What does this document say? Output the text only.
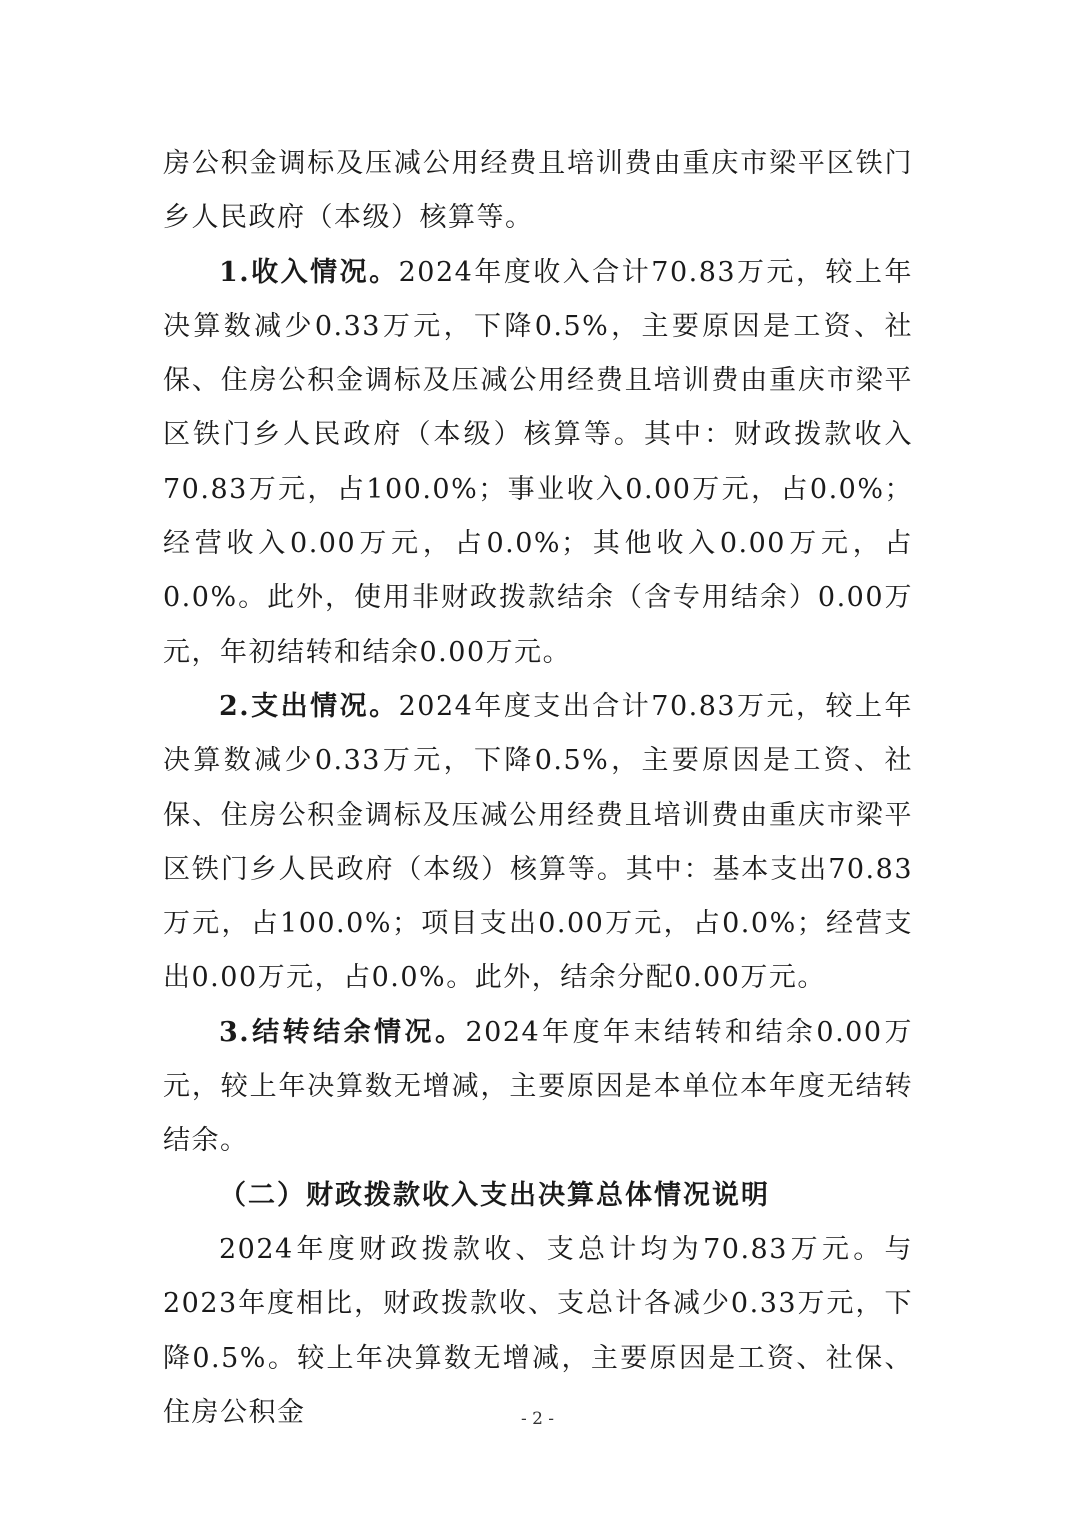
房公积金调标及压减公用经费且培训费由重庆市梁平区铁门乡人民政府（本级）核算等。

1.收入情况。2024年度收入合计70.83万元，较上年决算数减少0.33万元，下降0.5%，主要原因是工资、社保、住房公积金调标及压减公用经费且培训费由重庆市梁平区铁门乡人民政府（本级）核算等。其中：财政拨款收入70.83万元，占100.0%；事业收入0.00万元，占0.0%；经营收入0.00万元，占0.0%；其他收入0.00万元，占0.0%。此外，使用非财政拨款结余（含专用结余）0.00万元，年初结转和结余0.00万元。

2.支出情况。2024年度支出合计70.83万元，较上年决算数减少0.33万元，下降0.5%，主要原因是工资、社保、住房公积金调标及压减公用经费且培训费由重庆市梁平区铁门乡人民政府（本级）核算等。其中：基本支出70.83万元，占100.0%；项目支出0.00万元，占0.0%；经营支出0.00万元，占0.0%。此外，结余分配0.00万元。

3.结转结余情况。2024年度年末结转和结余0.00万元，较上年决算数无增减，主要原因是本单位本年度无结转结余。

（二）财政拨款收入支出决算总体情况说明

2024年度财政拨款收、支总计均为70.83万元。与2023年度相比，财政拨款收、支总计各减少0.33万元，下降0.5%。较上年决算数无增减，主要原因是工资、社保、住房公积金	- 2 -
